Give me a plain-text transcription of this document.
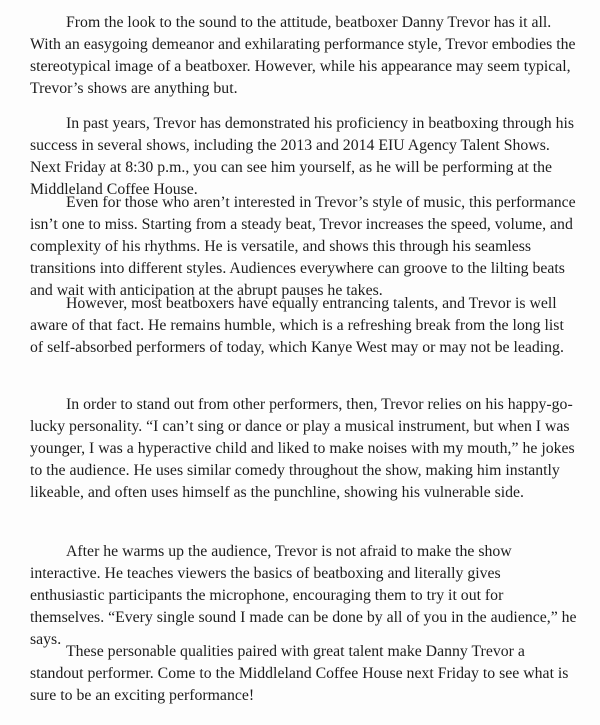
From the look to the sound to the attitude, beatboxer Danny Trevor has it all. With an easygoing demeanor and exhilarating performance style, Trevor embodies the stereotypical image of a beatboxer. However, while his appearance may seem typical, Trevor’s shows are anything but.

In past years, Trevor has demonstrated his proficiency in beatboxing through his success in several shows, including the 2013 and 2014 EIU Agency Talent Shows. Next Friday at 8:30 p.m., you can see him yourself, as he will be performing at the Middleland Coffee House.

Even for those who aren’t interested in Trevor’s style of music, this performance isn’t one to miss. Starting from a steady beat, Trevor increases the speed, volume, and complexity of his rhythms. He is versatile, and shows this through his seamless transitions into different styles. Audiences everywhere can groove to the lilting beats and wait with anticipation at the abrupt pauses he takes.

However, most beatboxers have equally entrancing talents, and Trevor is well aware of that fact. He remains humble, which is a refreshing break from the long list of self-absorbed performers of today, which Kanye West may or may not be leading.

In order to stand out from other performers, then, Trevor relies on his happy-go-lucky personality. “I can’t sing or dance or play a musical instrument, but when I was younger, I was a hyperactive child and liked to make noises with my mouth,” he jokes to the audience. He uses similar comedy throughout the show, making him instantly likeable, and often uses himself as the punchline, showing his vulnerable side.

After he warms up the audience, Trevor is not afraid to make the show interactive. He teaches viewers the basics of beatboxing and literally gives enthusiastic participants the microphone, encouraging them to try it out for themselves. “Every single sound I made can be done by all of you in the audience,” he says.

These personable qualities paired with great talent make Danny Trevor a standout performer. Come to the Middleland Coffee House next Friday to see what is sure to be an exciting performance!
